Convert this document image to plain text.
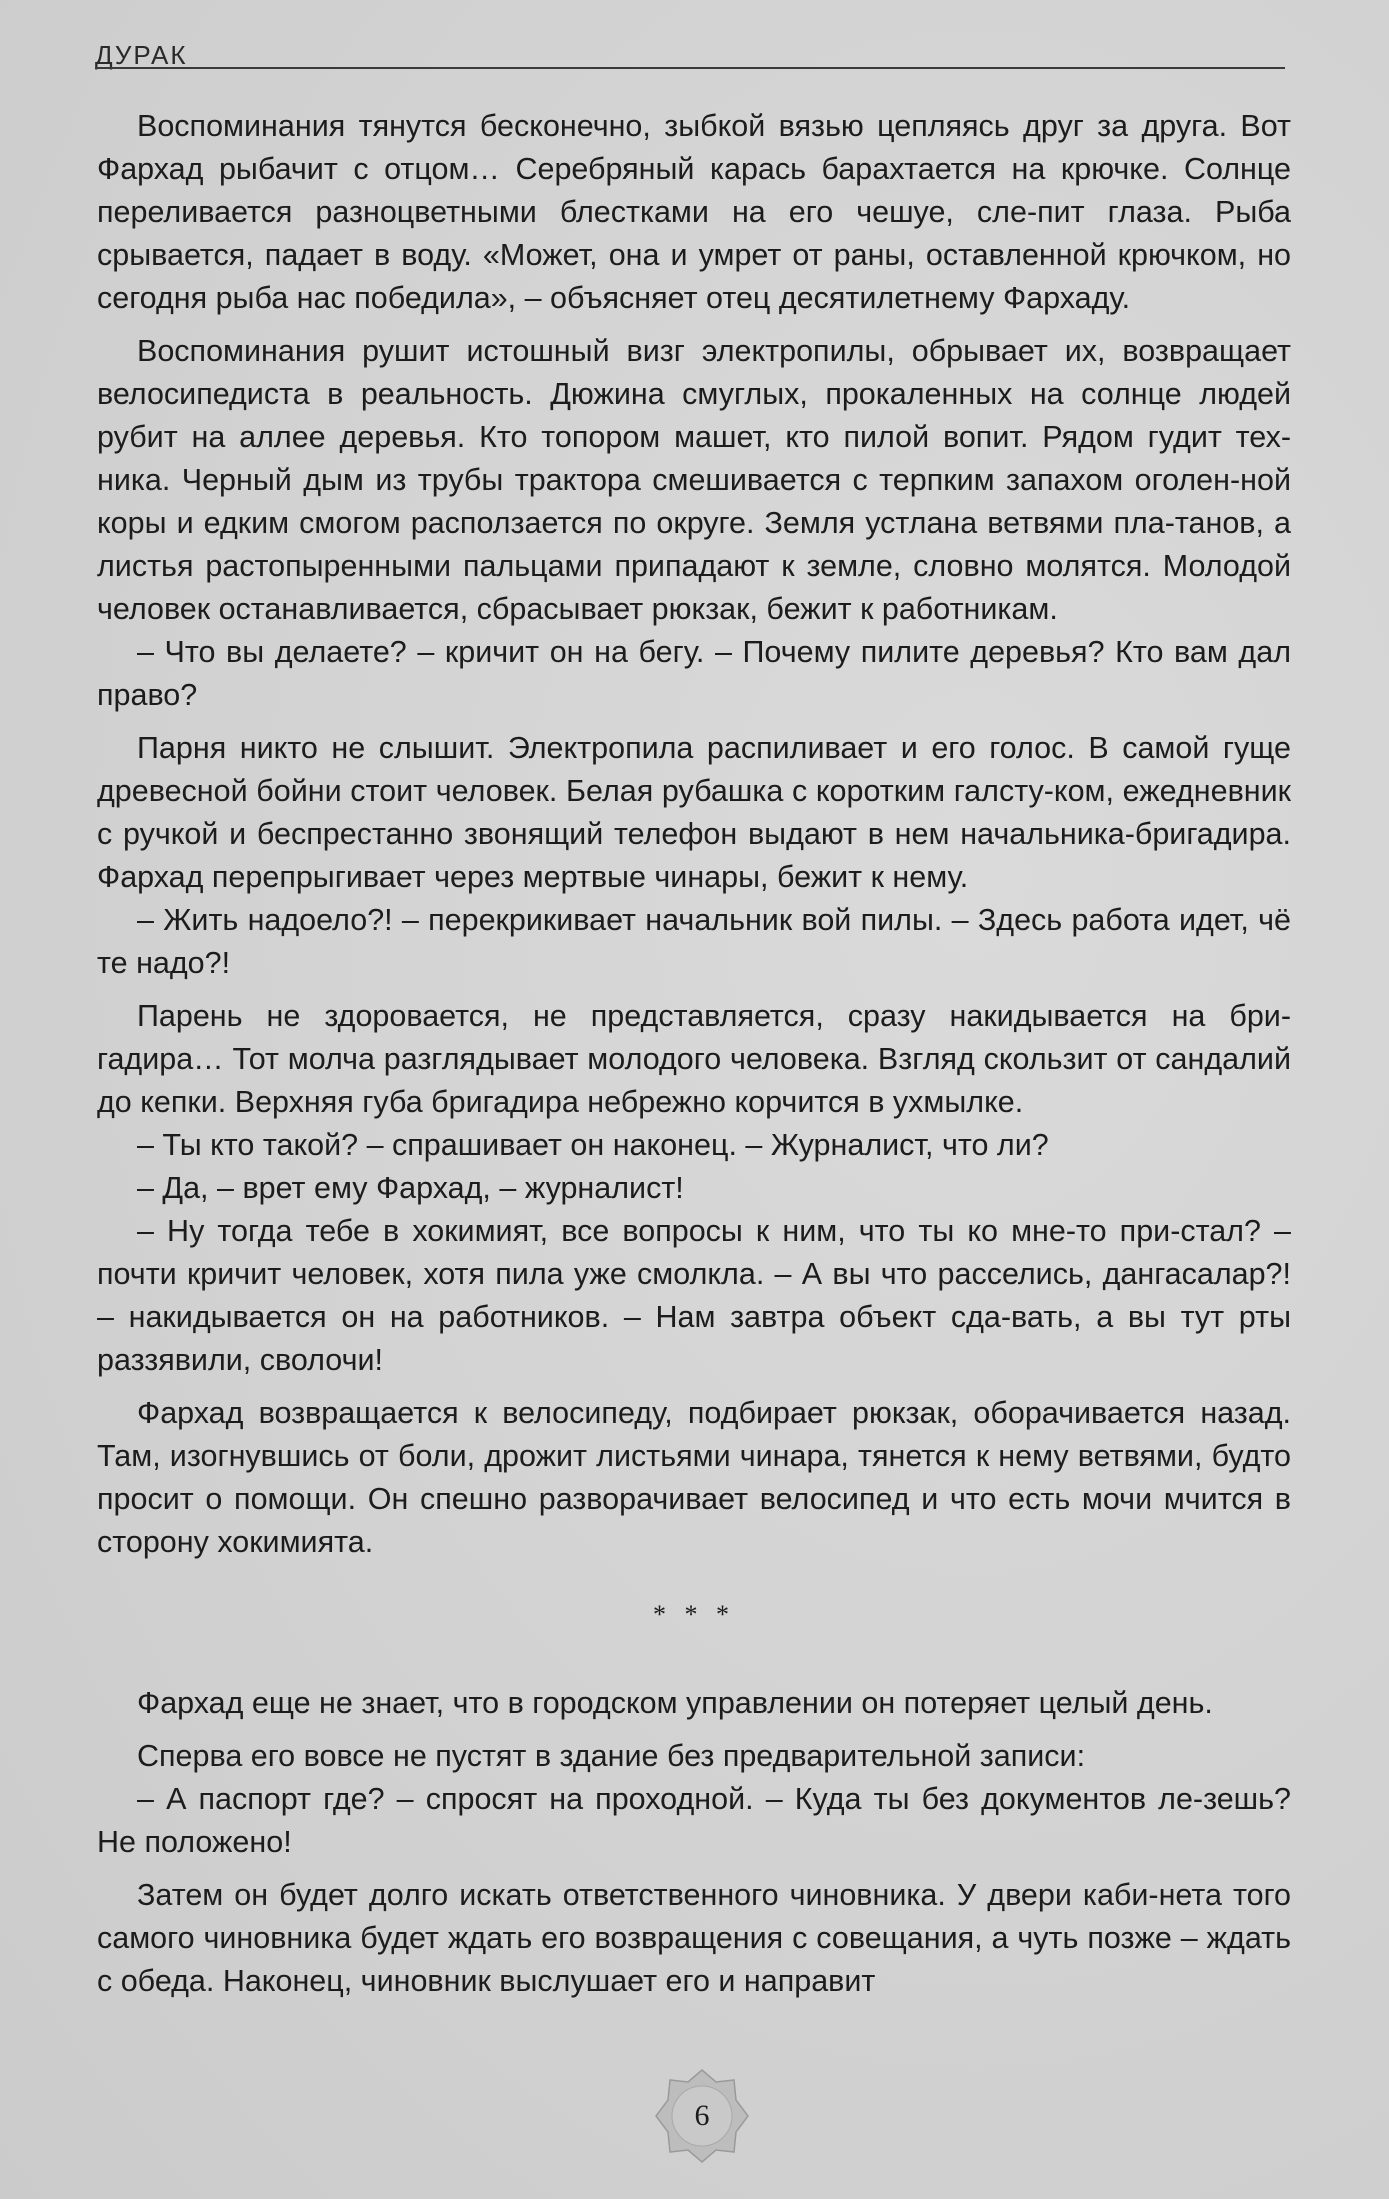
ДУРАК

Воспоминания тянутся бесконечно, зыбкой вязью цепляясь друг за друга. Вот Фархад рыбачит с отцом… Серебряный карась барахтается на крючке. Солнце переливается разноцветными блестками на его чешуе, сле-пит глаза. Рыба срывается, падает в воду. «Может, она и умрет от раны, оставленной крючком, но сегодня рыба нас победила», – объясняет отец десятилетнему Фархаду.

Воспоминания рушит истошный визг электропилы, обрывает их, возвращает велосипедиста в реальность. Дюжина смуглых, прокаленных на солнце людей рубит на аллее деревья. Кто топором машет, кто пилой вопит. Рядом гудит тех-ника. Черный дым из трубы трактора смешивается с терпким запахом оголен-ной коры и едким смогом расползается по округе. Земля устлана ветвями пла-танов, а листья растопыренными пальцами припадают к земле, словно молятся. Молодой человек останавливается, сбрасывает рюкзак, бежит к работникам.

– Что вы делаете? – кричит он на бегу. – Почему пилите деревья? Кто вам дал право?

Парня никто не слышит. Электропила распиливает и его голос. В самой гуще древесной бойни стоит человек. Белая рубашка с коротким галсту-ком, ежедневник с ручкой и беспрестанно звонящий телефон выдают в нем начальника-бригадира. Фархад перепрыгивает через мертвые чинары, бежит к нему.

– Жить надоело?! – перекрикивает начальник вой пилы. – Здесь работа идет, чё те надо?!

Парень не здоровается, не представляется, сразу накидывается на бри-гадира… Тот молча разглядывает молодого человека. Взгляд скользит от сандалий до кепки. Верхняя губа бригадира небрежно корчится в ухмылке.

– Ты кто такой? – спрашивает он наконец. – Журналист, что ли?

– Да, – врет ему Фархад, – журналист!

– Ну тогда тебе в хокимият, все вопросы к ним, что ты ко мне-то при-стал? – почти кричит человек, хотя пила уже смолкла. – А вы что расселись, дангасалар?! – накидывается он на работников. – Нам завтра объект сда-вать, а вы тут рты раззявили, сволочи!

Фархад возвращается к велосипеду, подбирает рюкзак, оборачивается назад. Там, изогнувшись от боли, дрожит листьями чинара, тянется к нему ветвями, будто просит о помощи. Он спешно разворачивает велосипед и что есть мочи мчится в сторону хокимията.

* * *

Фархад еще не знает, что в городском управлении он потеряет целый день.

Сперва его вовсе не пустят в здание без предварительной записи:

– А паспорт где? – спросят на проходной. – Куда ты без документов ле-зешь? Не положено!

Затем он будет долго искать ответственного чиновника. У двери каби-нета того самого чиновника будет ждать его возвращения с совещания, а чуть позже – ждать с обеда. Наконец, чиновник выслушает его и направит

6
